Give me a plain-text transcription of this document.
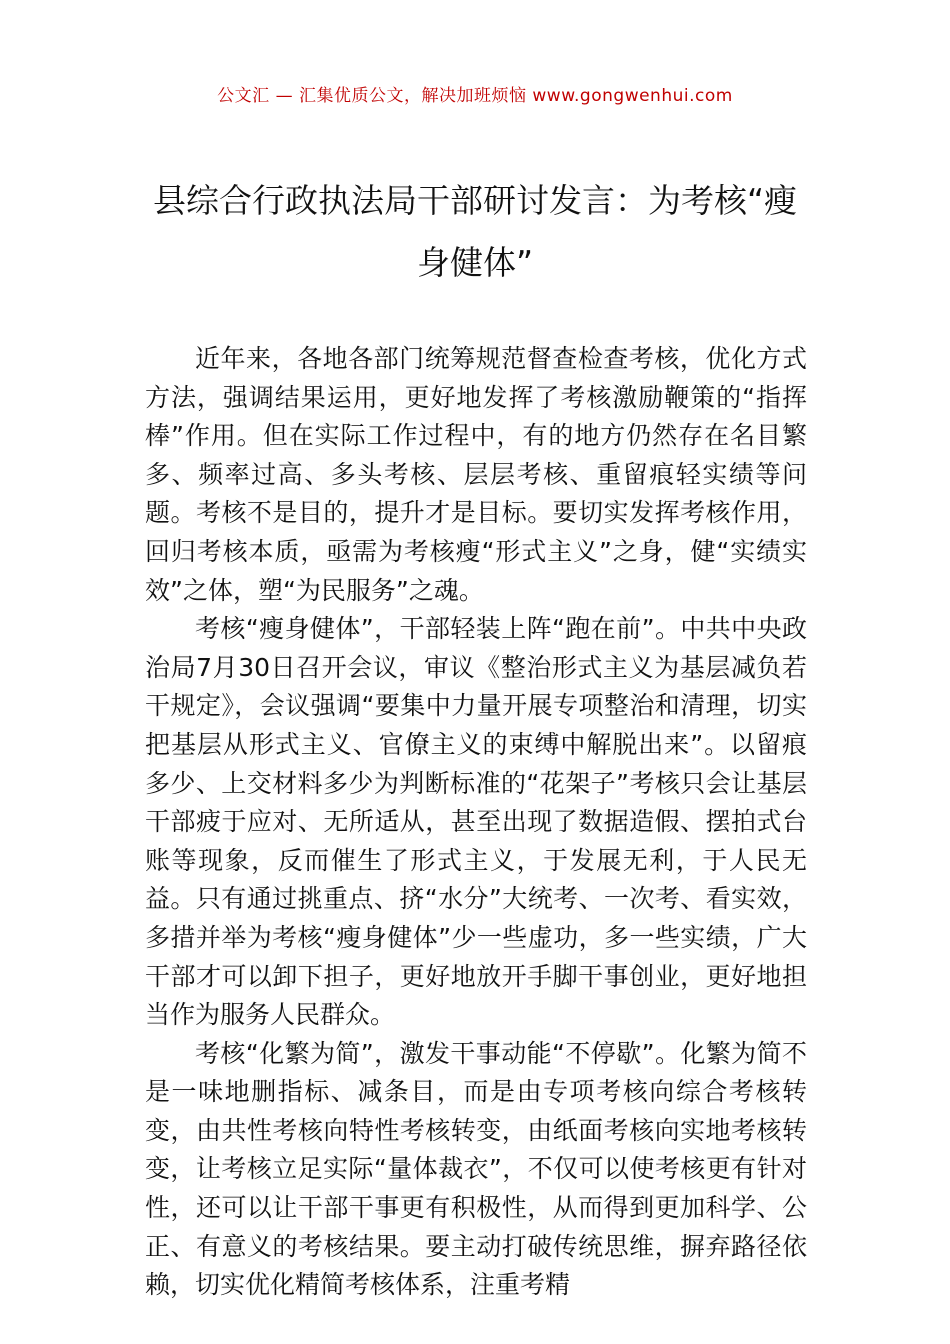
公文汇 — 汇集优质公文，解决加班烦恼 www.gongwenhui.com
县综合行政执法局干部研讨发言：为考核“瘦身健体”

近年来，各地各部门统筹规范督查检查考核，优化方式方法，强调结果运用，更好地发挥了考核激励鞭策的“指挥棒”作用。但在实际工作过程中，有的地方仍然存在名目繁多、频率过高、多头考核、层层考核、重留痕轻实绩等问题。考核不是目的，提升才是目标。要切实发挥考核作用，回归考核本质，亟需为考核瘦“形式主义”之身，健“实绩实效”之体，塑“为民服务”之魂。

考核“瘦身健体”，干部轻装上阵“跑在前”。中共中央政治局7月30日召开会议，审议《整治形式主义为基层减负若干规定》，会议强调“要集中力量开展专项整治和清理，切实把基层从形式主义、官僚主义的束缚中解脱出来”。以留痕多少、上交材料多少为判断标准的“花架子”考核只会让基层干部疲于应对、无所适从，甚至出现了数据造假、摆拍式台账等现象，反而催生了形式主义，于发展无利，于人民无益。只有通过挑重点、挤“水分”大统考、一次考、看实效，多措并举为考核“瘦身健体”少一些虚功，多一些实绩，广大干部才可以卸下担子，更好地放开手脚干事创业，更好地担当作为服务人民群众。

考核“化繁为简”，激发干事动能“不停歇”。化繁为简不是一味地删指标、减条目，而是由专项考核向综合考核转变，由共性考核向特性考核转变，由纸面考核向实地考核转变，让考核立足实际“量体裁衣”，不仅可以使考核更有针对性，还可以让干部干事更有积极性，从而得到更加科学、公正、有意义的考核结果。要主动打破传统思维，摒弃路径依赖，切实优化精简考核体系，注重考精
